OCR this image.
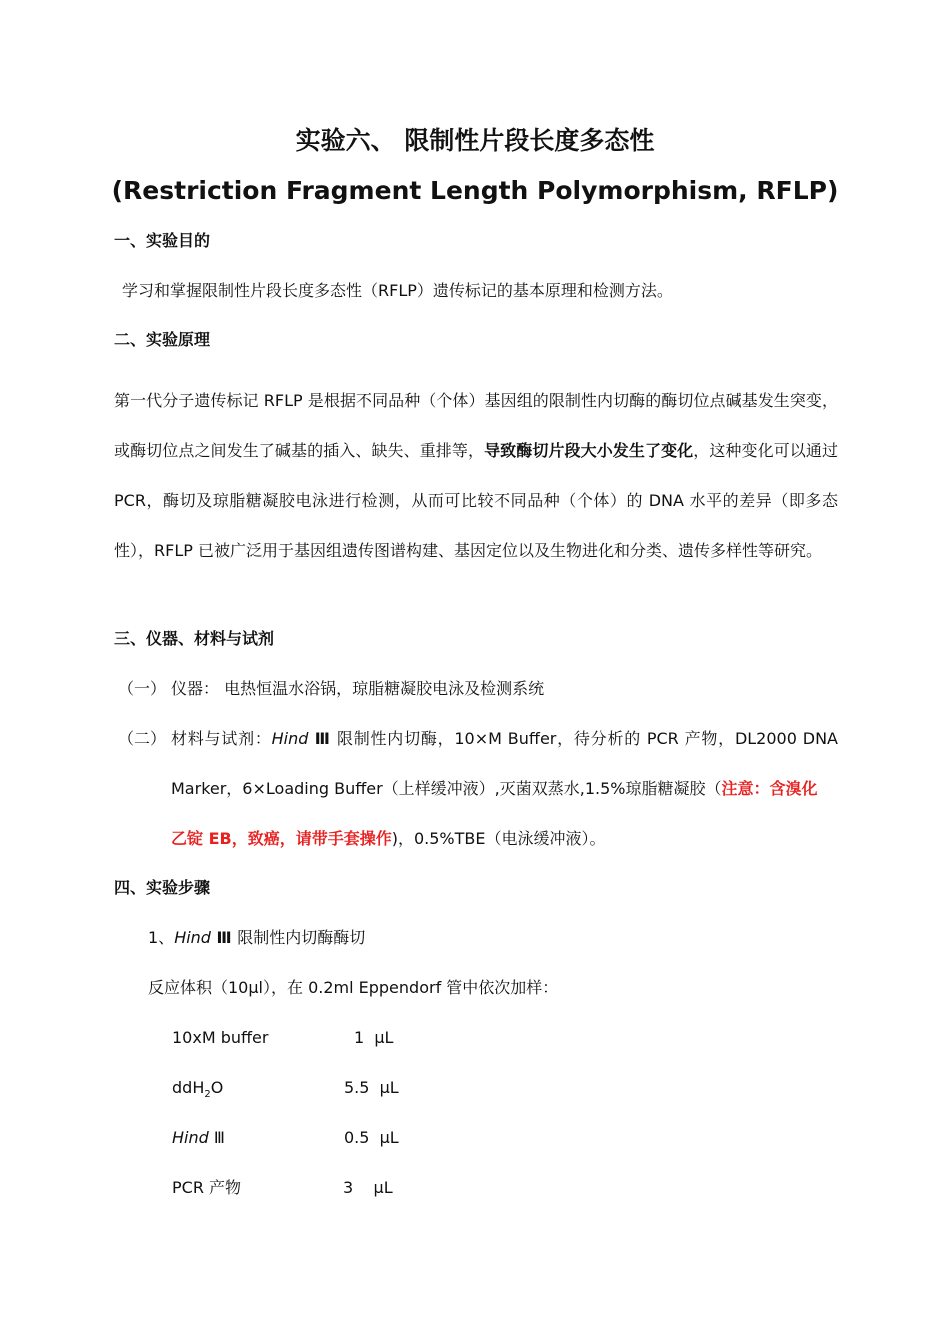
实验六、 限制性片段长度多态性
(Restriction Fragment Length Polymorphism, RFLP)
一、实验目的
学习和掌握限制性片段长度多态性（RFLP）遗传标记的基本原理和检测方法。
二、实验原理
第一代分子遗传标记 RFLP 是根据不同品种（个体）基因组的限制性内切酶的酶切位点碱基发生突变，或酶切位点之间发生了碱基的插入、缺失、重排等，导致酶切片段大小发生了变化，这种变化可以通过 PCR，酶切及琼脂糖凝胶电泳进行检测，从而可比较不同品种（个体）的 DNA 水平的差异（即多态性），RFLP 已被广泛用于基因组遗传图谱构建、基因定位以及生物进化和分类、遗传多样性等研究。
三、仪器、材料与试剂
（一） 仪器： 电热恒温水浴锅，琼脂糖凝胶电泳及检测系统
（二） 材料与试剂：Hind Ⅲ 限制性内切酶，10×M Buffer，待分析的 PCR 产物，DL2000 DNA
Marker，6×Loading Buffer（上样缓冲液）,灭菌双蒸水,1.5%琼脂糖凝胶（注意：含溴化
乙锭 EB，致癌，请带手套操作)，0.5%TBE（电泳缓冲液）。
四、实验步骤
1、Hind Ⅲ 限制性内切酶酶切
反应体积（10µl），在 0.2ml Eppendorf 管中依次加样：
10xM buffer	1  µL
ddH$_2$O	5.5  µL
Hind Ⅲ	0.5  µL
PCR 产物	3    µL
